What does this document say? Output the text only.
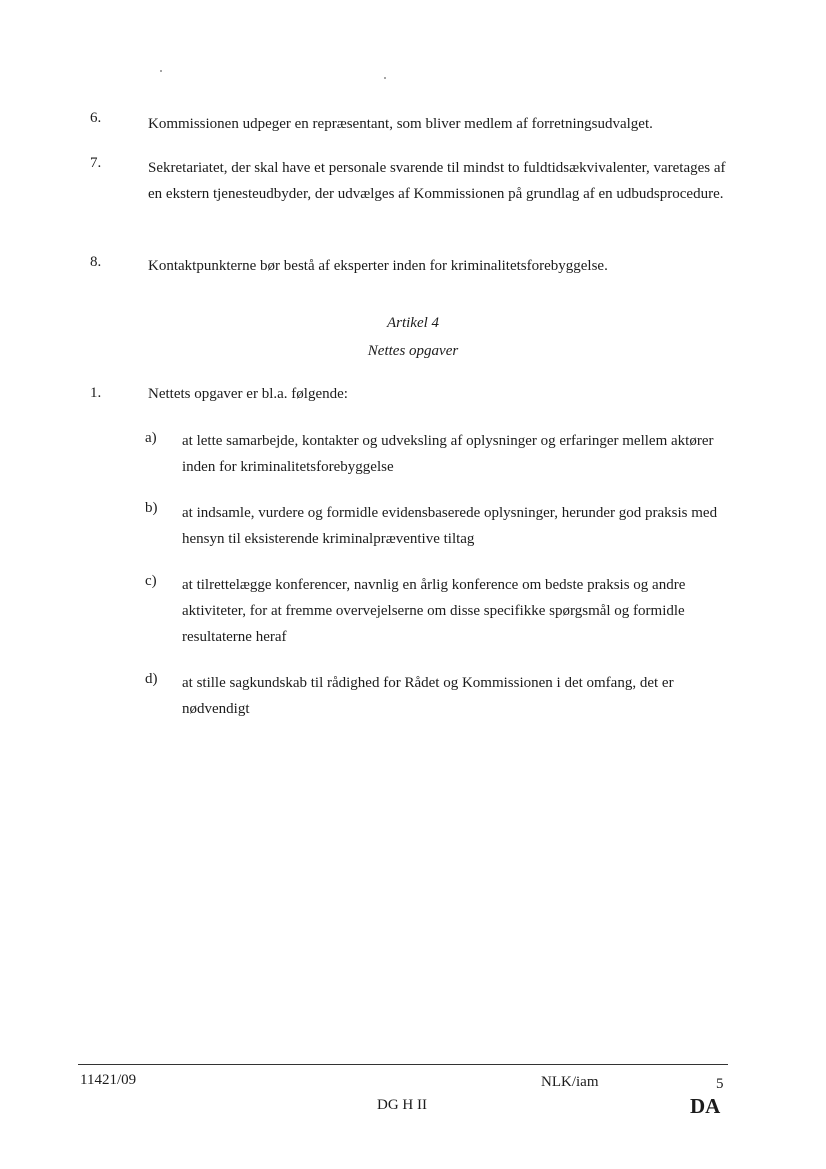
6.	Kommissionen udpeger en repræsentant, som bliver medlem af forretningsudvalget.
7.	Sekretariatet, der skal have et personale svarende til mindst to fuldtidsækvivalenter, varetages af en ekstern tjenesteudbyder, der udvælges af Kommissionen på grundlag af en udbudsprocedure.
8.	Kontaktpunkterne bør bestå af eksperter inden for kriminalitetsforebyggelse.
Artikel 4
Nettes opgaver
1.	Nettets opgaver er bl.a. følgende:
a) at lette samarbejde, kontakter og udveksling af oplysninger og erfaringer mellem aktører inden for kriminalitetsforebyggelse
b) at indsamle, vurdere og formidle evidensbaserede oplysninger, herunder god praksis med hensyn til eksisterende kriminalpræventive tiltag
c) at tilrettelægge konferencer, navnlig en årlig konference om bedste praksis og andre aktiviteter, for at fremme overvejelserne om disse specifikke spørgsmål og formidle resultaterne heraf
d) at stille sagkundskab til rådighed for Rådet og Kommissionen i det omfang, det er nødvendigt
11421/09	NLK/iam	5
DG H II	DA
